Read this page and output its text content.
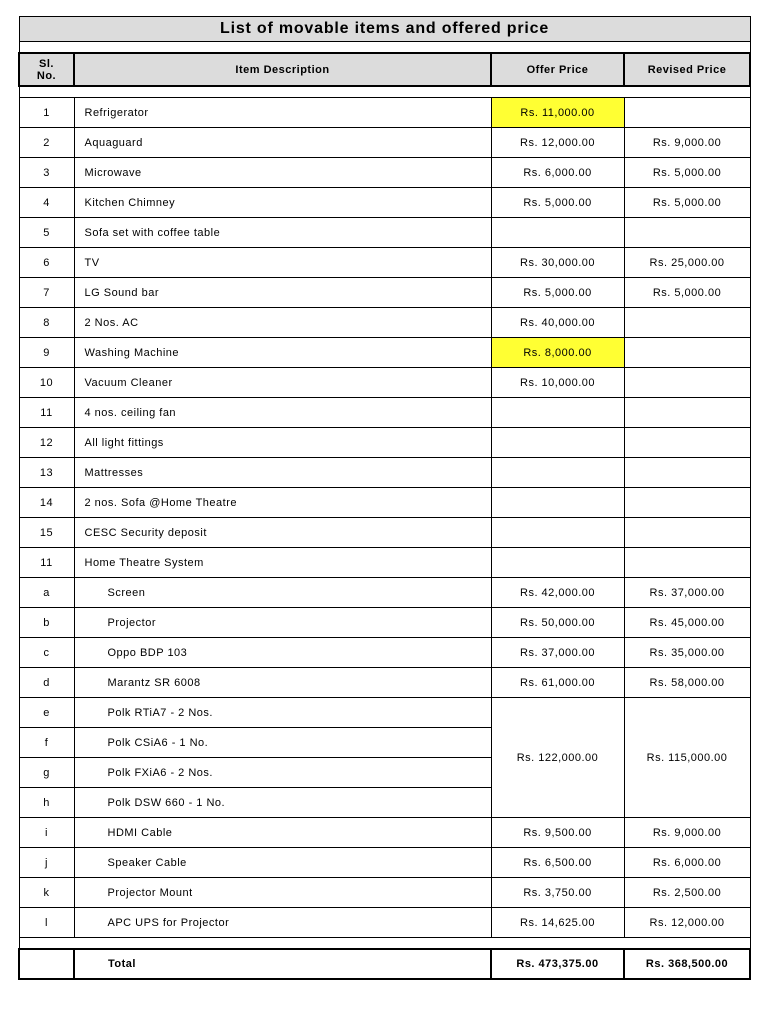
List of movable items and offered price			

Sl. No.	Item Description	Offer Price	Revised Price

1	Refrigerator	Rs. 11,000.00	
2	Aquaguard	Rs. 12,000.00	Rs. 9,000.00
3	Microwave	Rs. 6,000.00	Rs. 5,000.00
4	Kitchen Chimney	Rs. 5,000.00	Rs. 5,000.00
5	Sofa set with coffee table		
6	TV	Rs. 30,000.00	Rs. 25,000.00
7	LG Sound bar	Rs. 5,000.00	Rs. 5,000.00
8	2 Nos. AC	Rs. 40,000.00	
9	Washing Machine	Rs. 8,000.00	
10	Vacuum Cleaner	Rs. 10,000.00	
11	4 nos. ceiling fan		
12	All light fittings		
13	Mattresses		
14	2 nos. Sofa @Home Theatre		
15	CESC Security deposit		
11	Home Theatre System		
a	Screen	Rs. 42,000.00	Rs. 37,000.00
b	Projector	Rs. 50,000.00	Rs. 45,000.00
c	Oppo BDP 103	Rs. 37,000.00	Rs. 35,000.00
d	Marantz SR 6008	Rs. 61,000.00	Rs. 58,000.00
e	Polk RTiA7 - 2 Nos.	Rs. 122,000.00	Rs. 115,000.00
f	Polk CSiA6 - 1 No.		
g	Polk FXiA6 - 2 Nos.		
h	Polk DSW 660 - 1 No.		
i	HDMI Cable	Rs. 9,500.00	Rs. 9,000.00
j	Speaker Cable	Rs. 6,500.00	Rs. 6,000.00
k	Projector Mount	Rs. 3,750.00	Rs. 2,500.00
l	APC UPS for Projector	Rs. 14,625.00	Rs. 12,000.00

	Total	Rs. 473,375.00	Rs. 368,500.00
